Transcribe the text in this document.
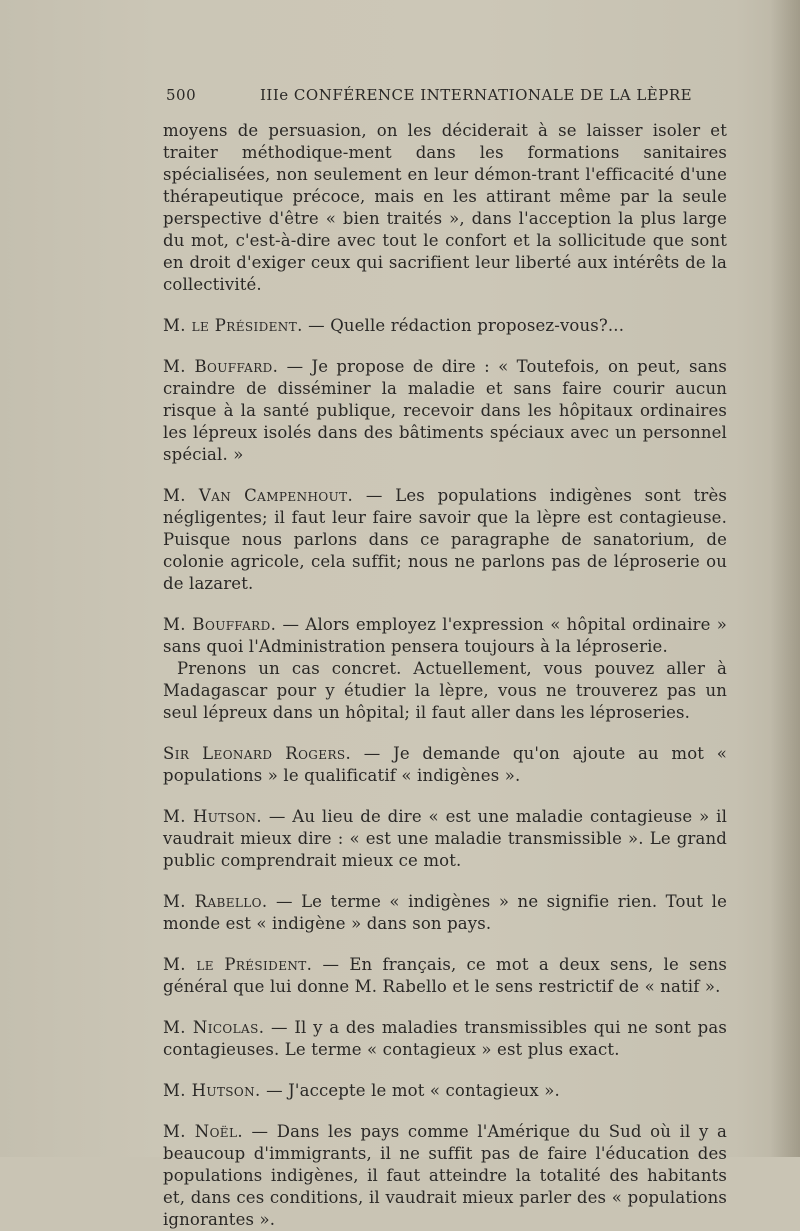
500	IIIe CONFÉRENCE INTERNATIONALE DE LA LÈPRE

moyens de persuasion, on les déciderait à se laisser isoler et traiter méthodique-ment dans les formations sanitaires spécialisées, non seulement en leur démon-trant l'efficacité d'une thérapeutique précoce, mais en les attirant même par la seule perspective d'être « bien traités », dans l'acception la plus large du mot, c'est-à-dire avec tout le confort et la sollicitude que sont en droit d'exiger ceux qui sacrifient leur liberté aux intérêts de la collectivité.

M. le Président. — Quelle rédaction proposez-vous?...

M. Bouffard. — Je propose de dire : « Toutefois, on peut, sans craindre de disséminer la maladie et sans faire courir aucun risque à la santé publique, recevoir dans les hôpitaux ordinaires les lépreux isolés dans des bâtiments spéciaux avec un personnel spécial. »

M. Van Campenhout. — Les populations indigènes sont très négligentes; il faut leur faire savoir que la lèpre est contagieuse. Puisque nous parlons dans ce paragraphe de sanatorium, de colonie agricole, cela suffit; nous ne parlons pas de léproserie ou de lazaret.

M. Bouffard. — Alors employez l'expression « hôpital ordinaire » sans quoi l'Administration pensera toujours à la léproserie.

Prenons un cas concret. Actuellement, vous pouvez aller à Madagascar pour y étudier la lèpre, vous ne trouverez pas un seul lépreux dans un hôpital; il faut aller dans les léproseries.

Sir Leonard Rogers. — Je demande qu'on ajoute au mot « populations » le qualificatif « indigènes ».

M. Hutson. — Au lieu de dire « est une maladie contagieuse » il vaudrait mieux dire : « est une maladie transmissible ». Le grand public comprendrait mieux ce mot.

M. Rabello. — Le terme « indigènes » ne signifie rien. Tout le monde est « indigène » dans son pays.

M. le Président. — En français, ce mot a deux sens, le sens général que lui donne M. Rabello et le sens restrictif de « natif ».

M. Nicolas. — Il y a des maladies transmissibles qui ne sont pas contagieuses. Le terme « contagieux » est plus exact.

M. Hutson. — J'accepte le mot « contagieux ».

M. Noël. — Dans les pays comme l'Amérique du Sud où il y a beaucoup d'immigrants, il ne suffit pas de faire l'éducation des populations indigènes, il faut atteindre la totalité des habitants et, dans ces conditions, il vaudrait mieux parler des « populations ignorantes ».
